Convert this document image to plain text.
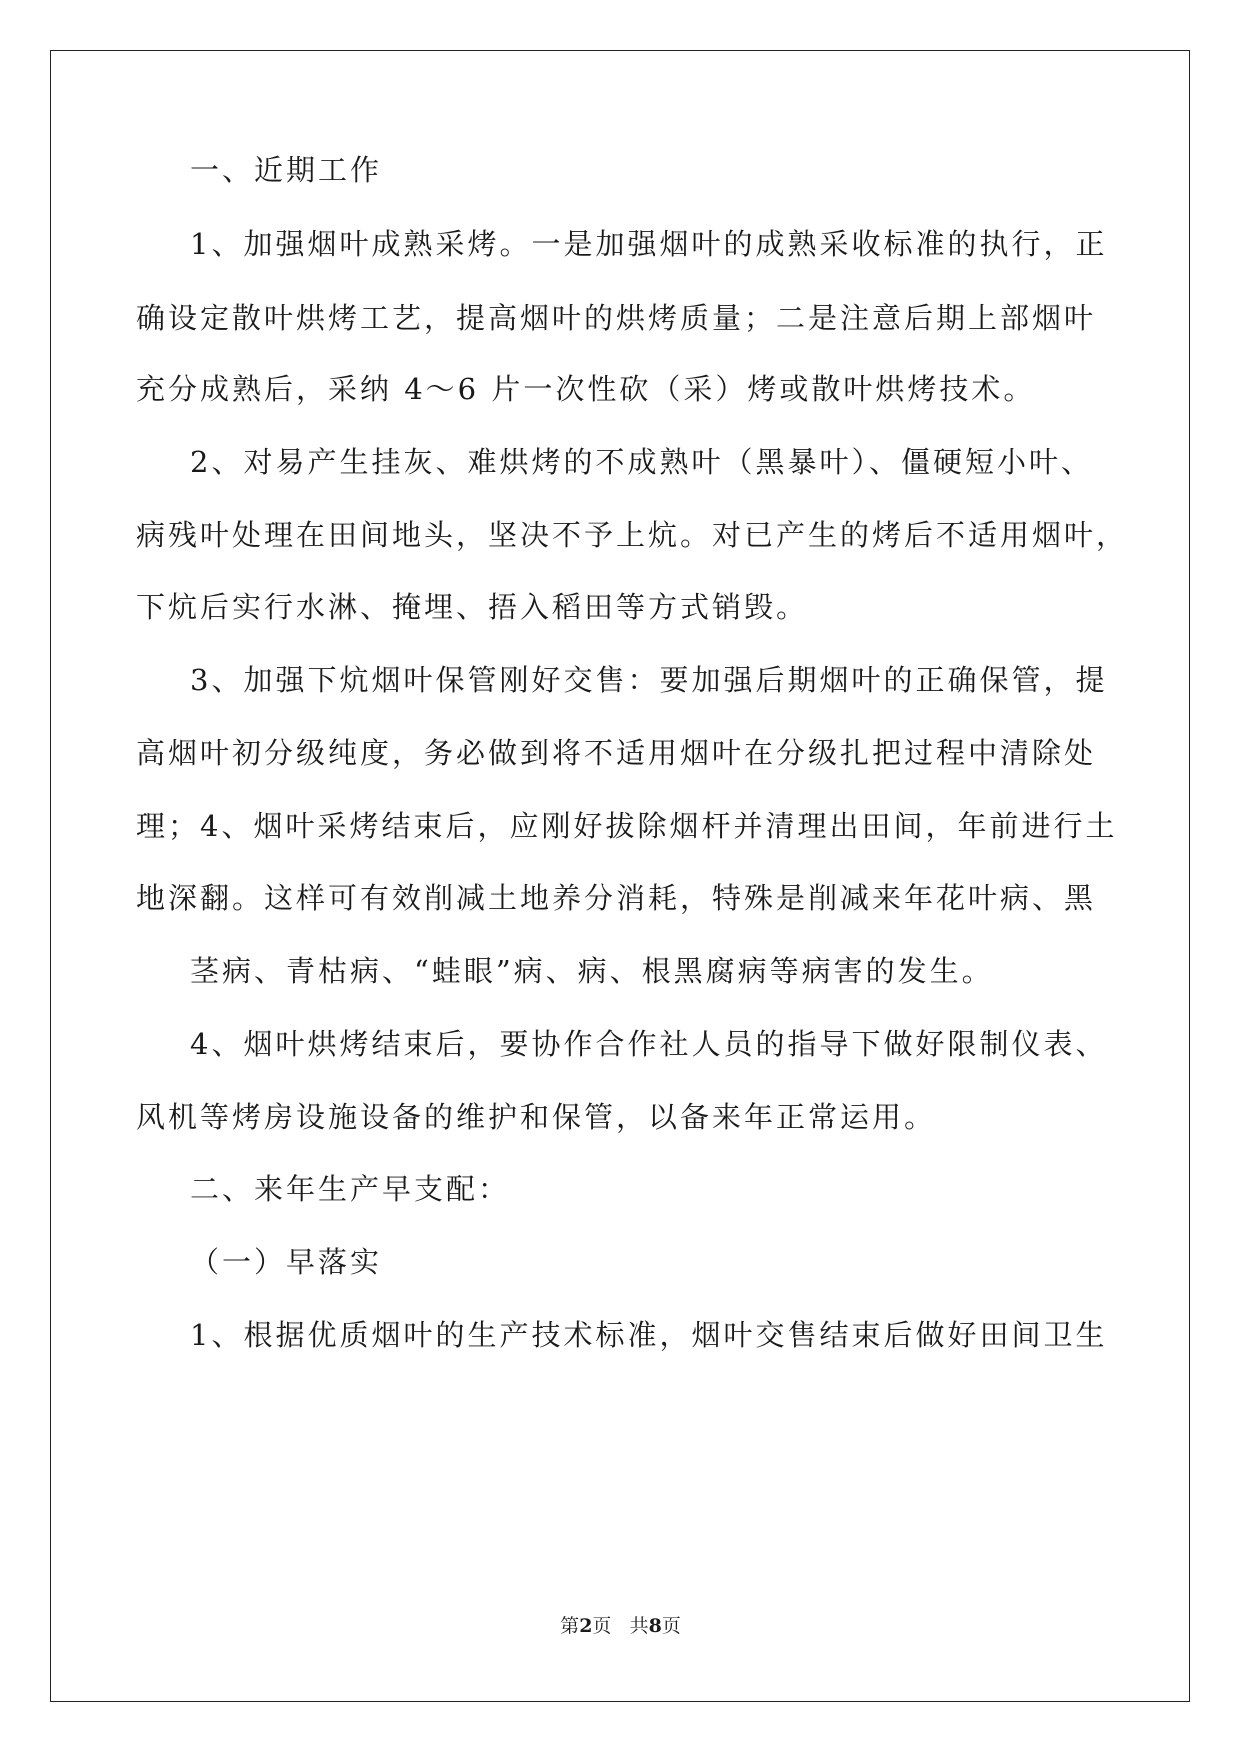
一、近期工作
1、加强烟叶成熟采烤。一是加强烟叶的成熟采收标准的执行，正
确设定散叶烘烤工艺，提高烟叶的烘烤质量；二是注意后期上部烟叶
充分成熟后，采纳 4～6 片一次性砍（采）烤或散叶烘烤技术。
2、对易产生挂灰、难烘烤的不成熟叶（黑暴叶）、僵硬短小叶、
病残叶处理在田间地头，坚决不予上炕。对已产生的烤后不适用烟叶，
下炕后实行水淋、掩埋、捂入稻田等方式销毁。
3、加强下炕烟叶保管刚好交售：要加强后期烟叶的正确保管，提
高烟叶初分级纯度，务必做到将不适用烟叶在分级扎把过程中清除处
理；4、烟叶采烤结束后，应刚好拔除烟杆并清理出田间，年前进行土
地深翻。这样可有效削减土地养分消耗，特殊是削减来年花叶病、黑
茎病、青枯病、“蛙眼”病、病、根黑腐病等病害的发生。
4、烟叶烘烤结束后，要协作合作社人员的指导下做好限制仪表、
风机等烤房设施设备的维护和保管，以备来年正常运用。
二、来年生产早支配：
（一）早落实
1、根据优质烟叶的生产技术标准，烟叶交售结束后做好田间卫生
第2页 共8页
